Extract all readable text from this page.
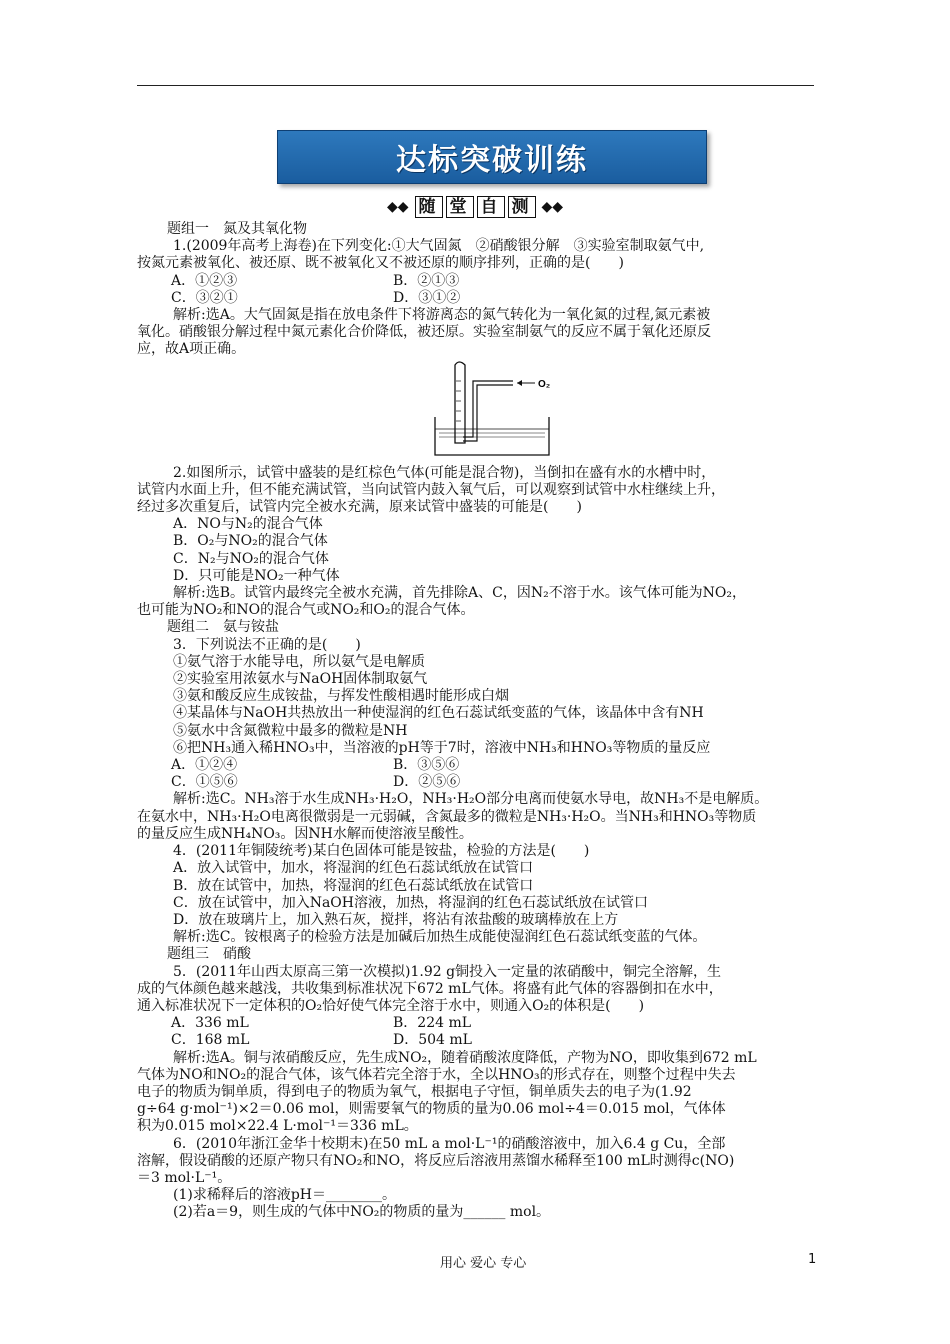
达标突破训练
◆◆ 随 堂 自 测 ◆◆

题组一　氮及其氧化物

1.(2009年高考上海卷)在下列变化:①大气固氮　②硝酸银分解　③实验室制取氨气中,

按氮元素被氧化、被还原、既不被氧化又不被还原的顺序排列，正确的是(　　)

A．①②③	B．②①③
C．③②①	D．③①②

解析:选A。大气固氮是指在放电条件下将游离态的氮气转化为一氧化氮的过程,氮元素被

氧化。硝酸银分解过程中氮元素化合价降低，被还原。实验室制氨气的反应不属于氧化还原反

应，故A项正确。

O₂

2.如图所示，试管中盛装的是红棕色气体(可能是混合物)，当倒扣在盛有水的水槽中时，

试管内水面上升，但不能充满试管，当向试管内鼓入氧气后，可以观察到试管中水柱继续上升，

经过多次重复后，试管内完全被水充满，原来试管中盛装的可能是(　　)

A．NO与N₂的混合气体

B．O₂与NO₂的混合气体

C．N₂与NO₂的混合气体

D．只可能是NO₂一种气体

解析:选B。试管内最终完全被水充满，首先排除A、C，因N₂不溶于水。该气体可能为NO₂，

也可能为NO₂和NO的混合气或NO₂和O₂的混合气体。

题组二　氨与铵盐

3．下列说法不正确的是(　　)

①氨气溶于水能导电，所以氨气是电解质

②实验室用浓氨水与NaOH固体制取氨气

③氨和酸反应生成铵盐，与挥发性酸相遇时能形成白烟

④某晶体与NaOH共热放出一种使湿润的红色石蕊试纸变蓝的气体，该晶体中含有NH

⑤氨水中含氮微粒中最多的微粒是NH

⑥把NH₃通入稀HNO₃中，当溶液的pH等于7时，溶液中NH₃和HNO₃等物质的量反应

A．①②④	B．③⑤⑥
C．①⑤⑥	D．②⑤⑥

解析:选C。NH₃溶于水生成NH₃·H₂O，NH₃·H₂O部分电离而使氨水导电，故NH₃不是电解质。

在氨水中，NH₃·H₂O电离很微弱是一元弱碱，含氮最多的微粒是NH₃·H₂O。当NH₃和HNO₃等物质

的量反应生成NH₄NO₃。因NH水解而使溶液呈酸性。

4．(2011年铜陵统考)某白色固体可能是铵盐，检验的方法是(　　)

A．放入试管中，加水，将湿润的红色石蕊试纸放在试管口

B．放在试管中，加热，将湿润的红色石蕊试纸放在试管口

C．放在试管中，加入NaOH溶液，加热，将湿润的红色石蕊试纸放在试管口

D．放在玻璃片上，加入熟石灰，搅拌，将沾有浓盐酸的玻璃棒放在上方

解析:选C。铵根离子的检验方法是加碱后加热生成能使湿润红色石蕊试纸变蓝的气体。

题组三　硝酸

5．(2011年山西太原高三第一次模拟)1.92 g铜投入一定量的浓硝酸中，铜完全溶解，生

成的气体颜色越来越浅，共收集到标准状况下672 mL气体。将盛有此气体的容器倒扣在水中，

通入标准状况下一定体积的O₂恰好使气体完全溶于水中，则通入O₂的体积是(　　)

A．336 mL	B．224 mL
C．168 mL	D．504 mL

解析:选A。铜与浓硝酸反应，先生成NO₂，随着硝酸浓度降低，产物为NO，即收集到672 mL

气体为NO和NO₂的混合气体，该气体若完全溶于水，全以HNO₃的形式存在，则整个过程中失去

电子的物质为铜单质，得到电子的物质为氧气，根据电子守恒，铜单质失去的电子为(1.92

g÷64 g·mol⁻¹)×2＝0.06 mol，则需要氧气的物质的量为0.06 mol÷4＝0.015 mol，气体体

积为0.015 mol×22.4 L·mol⁻¹＝336 mL。

6．(2010年浙江金华十校期末)在50 mL a mol·L⁻¹的硝酸溶液中，加入6.4 g Cu，全部

溶解，假设硝酸的还原产物只有NO₂和NO，将反应后溶液用蒸馏水稀释至100 mL时测得c(NO)

＝3 mol·L⁻¹。

(1)求稀释后的溶液pH＝________。

(2)若a＝9，则生成的气体中NO₂的物质的量为______ mol。

用心 爱心 专心	1
